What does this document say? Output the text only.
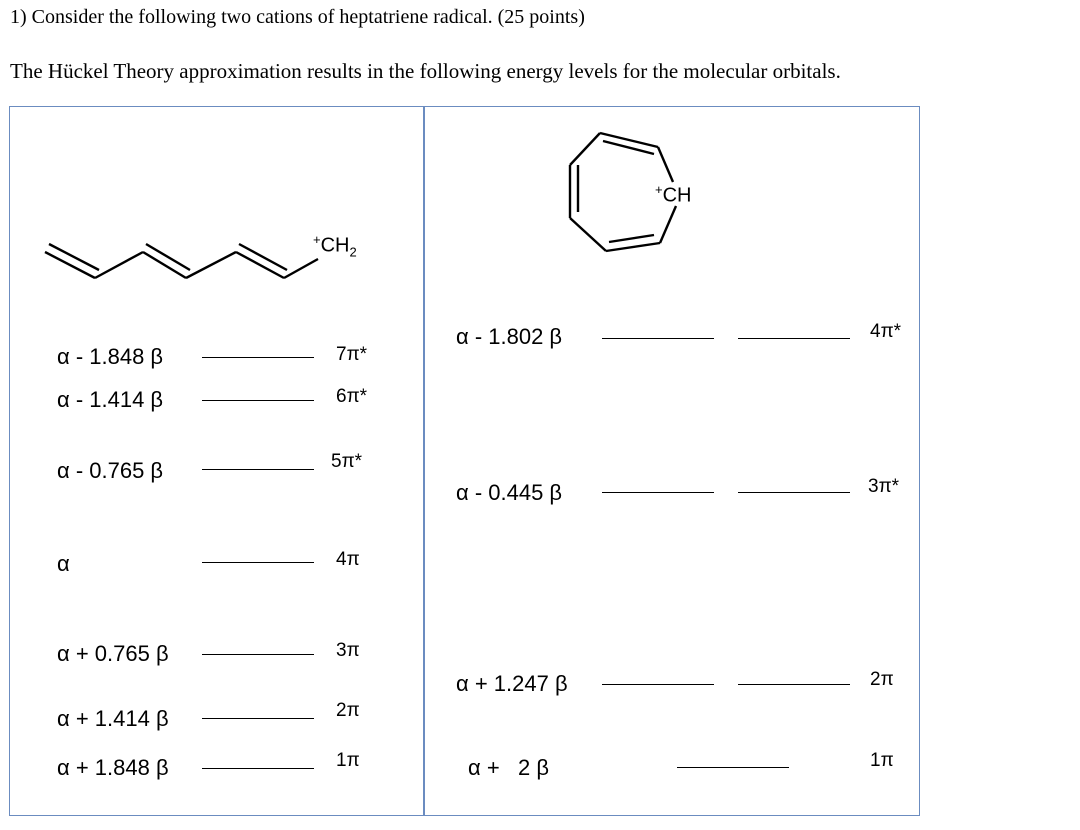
1) Consider the following two cations of heptatriene radical. (25 points)
The Hückel Theory approximation results in the following energy levels for the molecular orbitals.
$^+CH_2$
+CH
α - 1.848 β	7π*
α - 1.414 β	6π*
α - 0.765 β	5π*
α	4π
α + 0.765 β	3π
α + 1.414 β	2π
α + 1.848 β	1π
α - 1.802 β	4π*
α - 0.445 β	3π*
α + 1.247 β	2π
α +   2 β	1π
